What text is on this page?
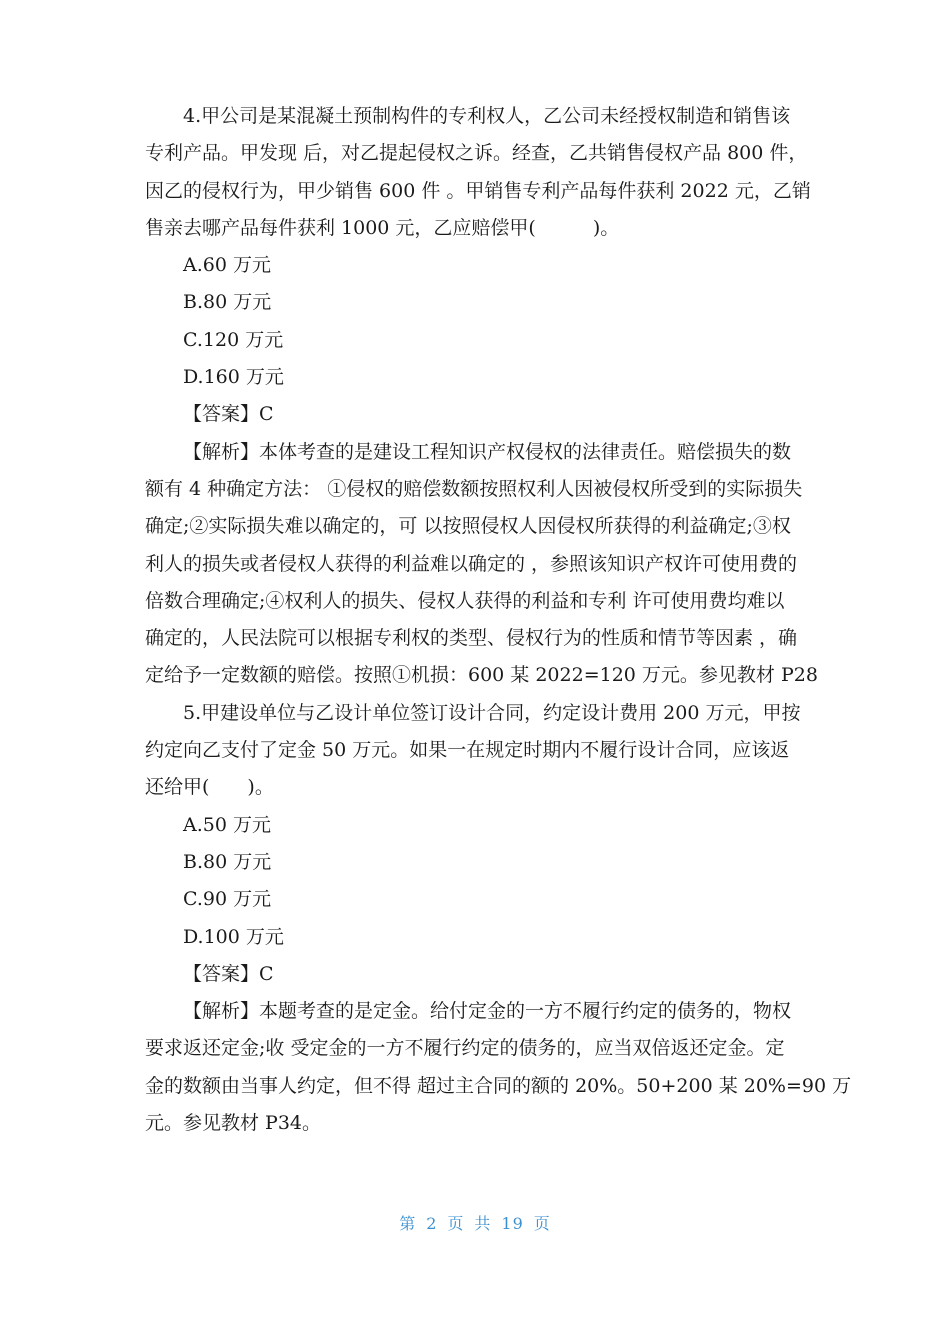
4.甲公司是某混凝土预制构件的专利权人，乙公司未经授权制造和销售该
专利产品。甲发现 后，对乙提起侵权之诉。经查，乙共销售侵权产品 800 件，
因乙的侵权行为，甲少销售 600 件 。甲销售专利产品每件获利 2022 元，乙销
售亲去哪产品每件获利 1000 元，乙应赔偿甲(　　　)。
A.60 万元
B.80 万元
C.120 万元
D.160 万元
【答案】C
【解析】本体考查的是建设工程知识产权侵权的法律责任。赔偿损失的数
额有 4 种确定方法： ①侵权的赔偿数额按照权利人因被侵权所受到的实际损失
确定;②实际损失难以确定的，可 以按照侵权人因侵权所获得的利益确定;③权
利人的损失或者侵权人获得的利益难以确定的 ，参照该知识产权许可使用费的
倍数合理确定;④权利人的损失、侵权人获得的利益和专利 许可使用费均难以
确定的，人民法院可以根据专利权的类型、侵权行为的性质和情节等因素 ，确
定给予一定数额的赔偿。按照①机损：600 某 2022=120 万元。参见教材 P28
5.甲建设单位与乙设计单位签订设计合同，约定设计费用 200 万元，甲按
约定向乙支付了定金 50 万元。如果一在规定时期内不履行设计合同，应该返
还给甲(　　)。
A.50 万元
B.80 万元
C.90 万元
D.100 万元
【答案】C
【解析】本题考查的是定金。给付定金的一方不履行约定的债务的，物权
要求返还定金;收 受定金的一方不履行约定的债务的，应当双倍返还定金。定
金的数额由当事人约定，但不得 超过主合同的额的 20%。50+200 某 20%=90 万
元。参见教材 P34。
第 2 页 共 19 页
